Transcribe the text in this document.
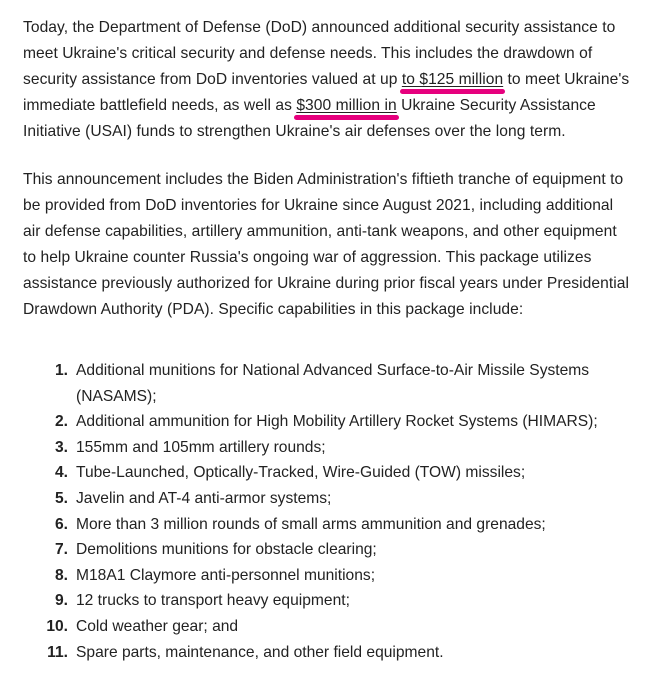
Today, the Department of Defense (DoD) announced additional security assistance to meet Ukraine's critical security and defense needs. This includes the drawdown of security assistance from DoD inventories valued at up to $125 million to meet Ukraine's immediate battlefield needs, as well as $300 million in Ukraine Security Assistance Initiative (USAI) funds to strengthen Ukraine's air defenses over the long term.

This announcement includes the Biden Administration's fiftieth tranche of equipment to be provided from DoD inventories for Ukraine since August 2021, including additional air defense capabilities, artillery ammunition, anti-tank weapons, and other equipment to help Ukraine counter Russia's ongoing war of aggression. This package utilizes assistance previously authorized for Ukraine during prior fiscal years under Presidential Drawdown Authority (PDA). Specific capabilities in this package include:

1. Additional munitions for National Advanced Surface-to-Air Missile Systems (NASAMS);
2. Additional ammunition for High Mobility Artillery Rocket Systems (HIMARS);
3. 155mm and 105mm artillery rounds;
4. Tube-Launched, Optically-Tracked, Wire-Guided (TOW) missiles;
5. Javelin and AT-4 anti-armor systems;
6. More than 3 million rounds of small arms ammunition and grenades;
7. Demolitions munitions for obstacle clearing;
8. M18A1 Claymore anti-personnel munitions;
9. 12 trucks to transport heavy equipment;
10. Cold weather gear; and
11. Spare parts, maintenance, and other field equipment.
